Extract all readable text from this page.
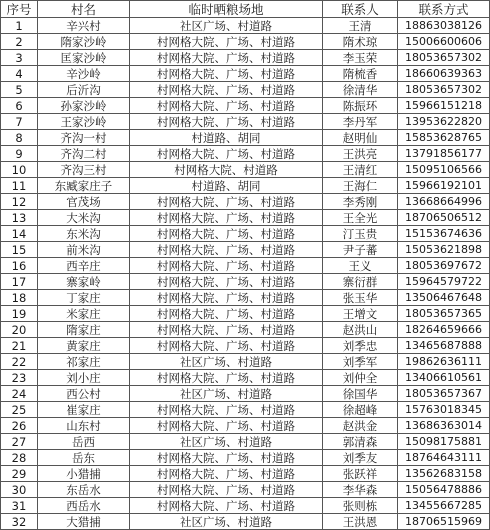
序号	村名	临时晒粮场地	联系人	联系方式
1	辛兴村	社区广场、村道路	王清	18863038126
2	隋家沙岭	村网格大院、广场、村道路	隋术琼	15006600606
3	匡家沙岭	村网格大院、广场、村道路	李玉荣	18053657302
4	辛沙岭	村网格大院、广场、村道路	隋梳香	18660639363
5	后沂沟	村网格大院、广场、村道路	徐清华	18053657302
6	孙家沙岭	村网格大院、广场、村道路	陈振环	15966151218
7	王家沙岭	村网格大院、广场、村道路	李丹军	13953622820
8	齐沟一村	村道路、胡同	赵明仙	15853628765
9	齐沟二村	村网格大院、广场、村道路	王洪亮	13791856177
10	齐沟三村	村网格大院、村道路	王清红	15095106566
11	东臧家庄子	村道路、胡同	王海仁	15966192101
12	官茂场	村网格大院、广场、村道路	李秀刚	13668664996
13	大米沟	村网格大院、广场、村道路	王全光	18706506512
14	东米沟	村网格大院、广场、村道路	汀玉贵	15153674636
15	前米沟	村网格大院、广场、村道路	尹子蕃	15053621898
16	西辛庄	村网格大院、广场、村道路	王义	18053697672
17	寨家岭	村网格大院、广场、村道路	寨衍群	15964579722
18	丁家庄	村网格大院、广场、村道路	张玉华	13506467648
19	米家庄	村网格大院、广场、村道路	王增文	18053657365
20	隋家庄	村网格大院、广场、村道路	赵洪山	18264659666
21	黄家庄	村网格大院、广场、村道路	刘季忠	13465687888
22	祁家庄	社区广场、村道路	刘季军	19862636111
23	刘小庄	村网格大院、广场、村道路	刘仲全	13406610561
24	西公村	社区广场、村道路	徐国华	18053657367
25	崔家庄	村网格大院、广场、村道路	徐超峰	15763018345
26	山东村	村网格大院、广场、村道路	赵洪金	13686363014
27	岳西	社区广场、村道路	郭清森	15098175881
28	岳东	村网格大院、广场、村道路	刘季友	18764643111
29	小猎捕	村网格大院、广场、村道路	张跃祥	13562683158
30	东岳水	村网格大院、广场、村道路	李华森	15056478886
31	西岳水	村网格大院、广场、村道路	张则栋	13455667285
32	大猎捕	社区广场、村道路	王洪恩	18706515969
